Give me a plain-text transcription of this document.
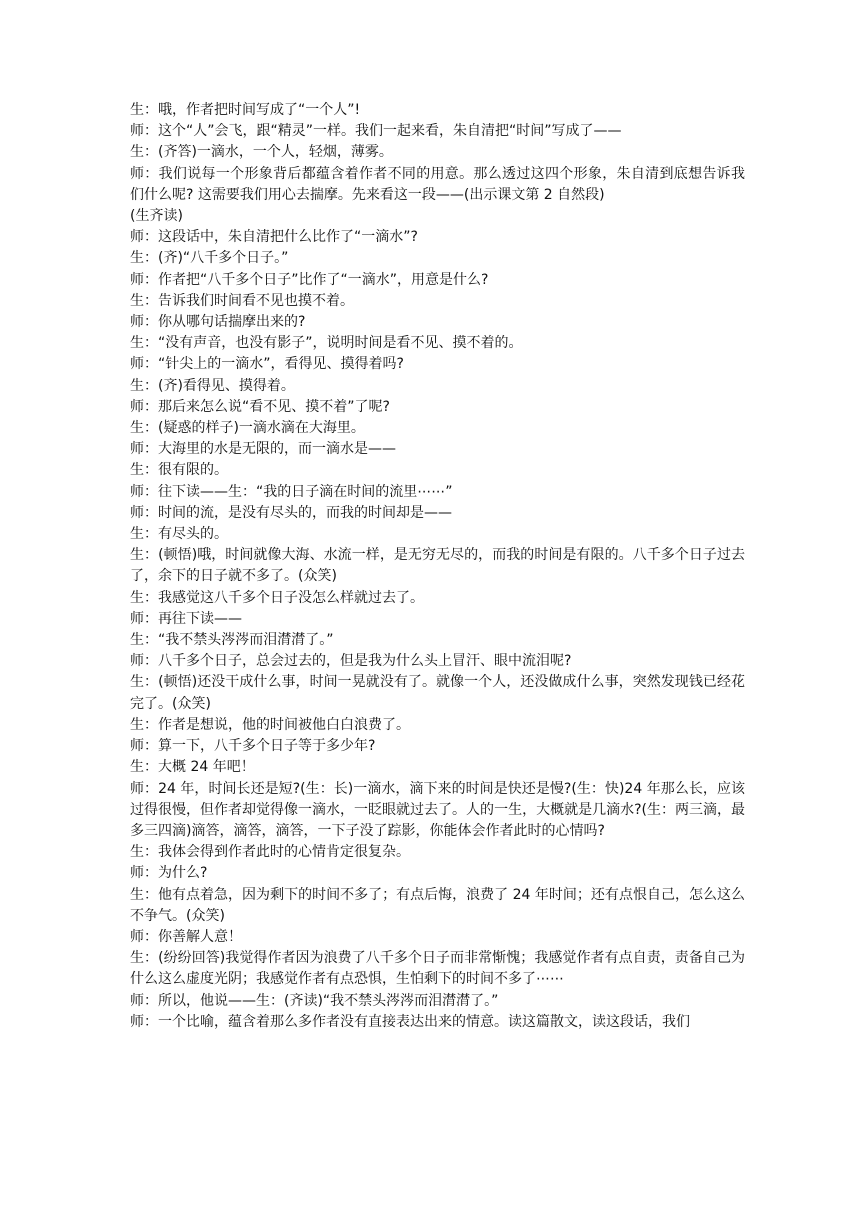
生：哦，作者把时间写成了“一个人”!

师：这个“人”会飞，跟“精灵”一样。我们一起来看，朱自清把“时间”写成了——

生：(齐答)一滴水，一个人，轻烟，薄雾。

师：我们说每一个形象背后都蕴含着作者不同的用意。那么透过这四个形象，朱自清到底想告诉我们什么呢? 这需要我们用心去揣摩。先来看这一段——(出示课文第 2 自然段)

(生齐读)

师：这段话中，朱自清把什么比作了“一滴水”?

生：(齐)“八千多个日子。”

师：作者把“八千多个日子”比作了“一滴水”，用意是什么?

生：告诉我们时间看不见也摸不着。

师：你从哪句话揣摩出来的?

生：“没有声音，也没有影子”，说明时间是看不见、摸不着的。

师：“针尖上的一滴水”，看得见、摸得着吗?

生：(齐)看得见、摸得着。

师：那后来怎么说“看不见、摸不着”了呢?

生：(疑惑的样子)一滴水滴在大海里。

师：大海里的水是无限的，而一滴水是——

生：很有限的。

师：往下读——生：“我的日子滴在时间的流里⋯⋯”

师：时间的流，是没有尽头的，而我的时间却是——

生：有尽头的。

生：(顿悟)哦，时间就像大海、水流一样，是无穷无尽的，而我的时间是有限的。八千多个日子过去了，余下的日子就不多了。(众笑)

生：我感觉这八千多个日子没怎么样就过去了。

师：再往下读——

生：“我不禁头涔涔而泪潸潸了。”

师：八千多个日子，总会过去的，但是我为什么头上冒汗、眼中流泪呢?

生：(顿悟)还没干成什么事，时间一晃就没有了。就像一个人，还没做成什么事，突然发现钱已经花完了。(众笑)

生：作者是想说，他的时间被他白白浪费了。

师：算一下，八千多个日子等于多少年?

生：大概 24 年吧！

师：24 年，时间长还是短?(生：长)一滴水，滴下来的时间是快还是慢?(生：快)24 年那么长，应该过得很慢，但作者却觉得像一滴水，一眨眼就过去了。人的一生，大概就是几滴水?(生：两三滴，最多三四滴)滴答，滴答，滴答，一下子没了踪影，你能体会作者此时的心情吗?

生：我体会得到作者此时的心情肯定很复杂。

师：为什么?

生：他有点着急，因为剩下的时间不多了；有点后悔，浪费了 24 年时间；还有点恨自己，怎么这么不争气。(众笑)

师：你善解人意！

生：(纷纷回答)我觉得作者因为浪费了八千多个日子而非常惭愧；我感觉作者有点自责，责备自己为什么这么虚度光阴；我感觉作者有点恐惧，生怕剩下的时间不多了⋯⋯

师：所以，他说——生：(齐读)“我不禁头涔涔而泪潸潸了。”

师：一个比喻，蕴含着那么多作者没有直接表达出来的情意。读这篇散文，读这段话，我们
